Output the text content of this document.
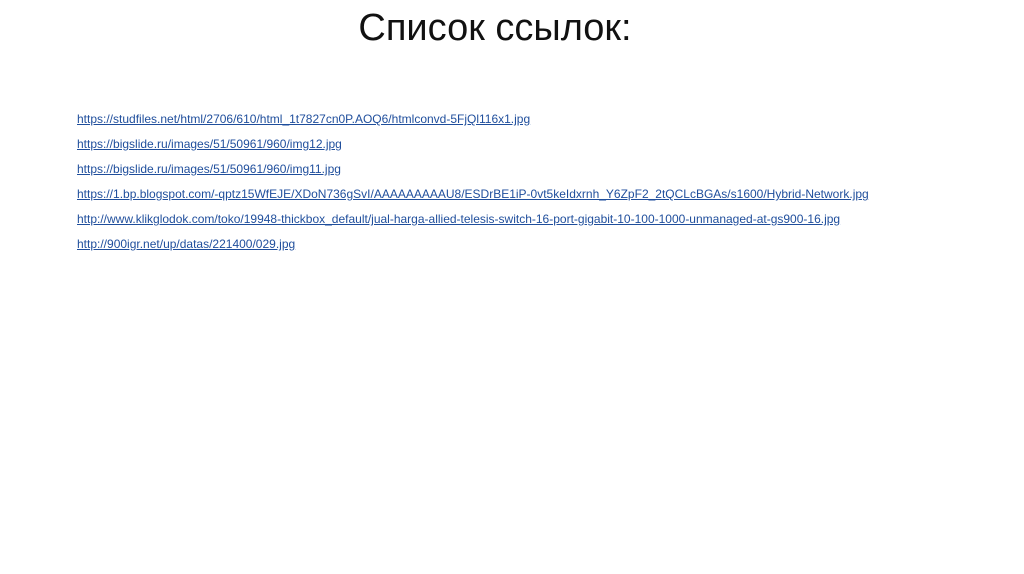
Список ссылок:
https://studfiles.net/html/2706/610/html_1t7827cn0P.AOQ6/htmlconvd-5FjQl116x1.jpg
https://bigslide.ru/images/51/50961/960/img12.jpg
https://bigslide.ru/images/51/50961/960/img11.jpg
https://1.bp.blogspot.com/-qptz15WfEJE/XDoN736gSvI/AAAAAAAAAU8/ESDrBE1iP-0vt5keIdxrnh_Y6ZpF2_2tQCLcBGAs/s1600/Hybrid-Network.jpg
http://www.klikglodok.com/toko/19948-thickbox_default/jual-harga-allied-telesis-switch-16-port-gigabit-10-100-1000-unmanaged-at-gs900-16.jpg
http://900igr.net/up/datas/221400/029.jpg
